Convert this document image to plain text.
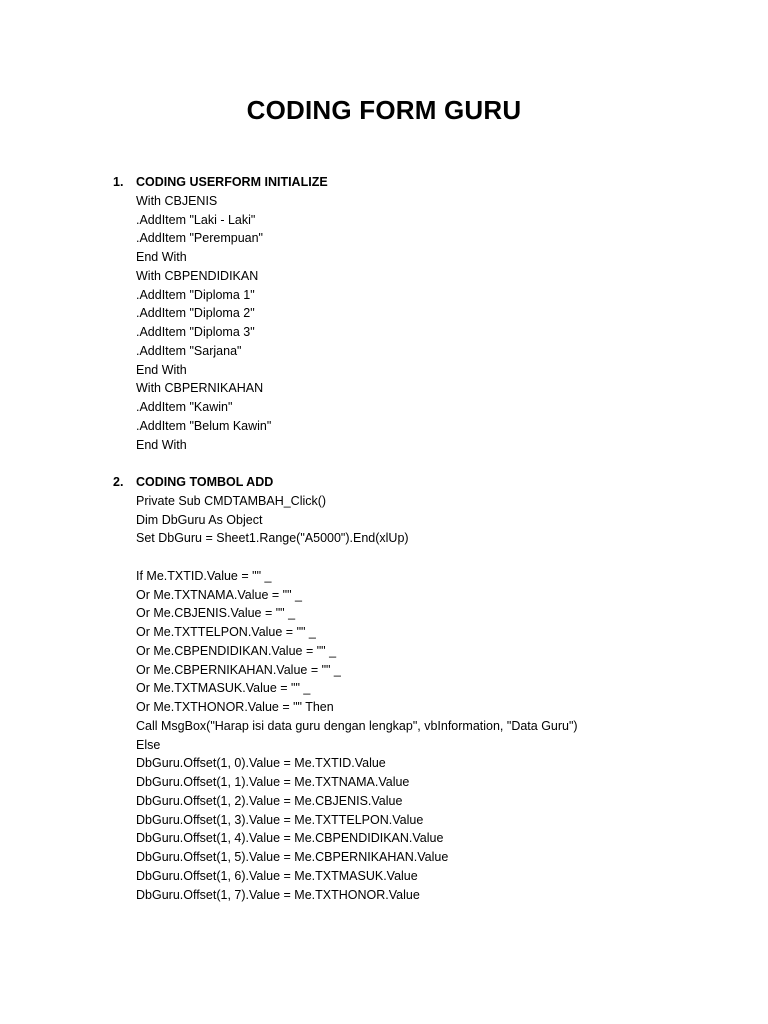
CODING FORM GURU
1. CODING USERFORM INITIALIZE
With CBJENIS
.AddItem "Laki - Laki"
.AddItem "Perempuan"
End With
With CBPENDIDIKAN
.AddItem "Diploma 1"
.AddItem "Diploma 2"
.AddItem "Diploma 3"
.AddItem "Sarjana"
End With
With CBPERNIKAHAN
.AddItem "Kawin"
.AddItem "Belum Kawin"
End With
2. CODING TOMBOL ADD
Private Sub CMDTAMBAH_Click()
Dim DbGuru As Object
Set DbGuru = Sheet1.Range("A5000").End(xlUp)
If Me.TXTID.Value = "" _
Or Me.TXTNAMA.Value = "" _
Or Me.CBJENIS.Value = "" _
Or Me.TXTTELPON.Value = "" _
Or Me.CBPENDIDIKAN.Value = "" _
Or Me.CBPERNIKAHAN.Value = "" _
Or Me.TXTMASUK.Value = "" _
Or Me.TXTHONOR.Value = "" Then
Call MsgBox("Harap isi data guru dengan lengkap", vbInformation, "Data Guru")
Else
DbGuru.Offset(1, 0).Value = Me.TXTID.Value
DbGuru.Offset(1, 1).Value = Me.TXTNAMA.Value
DbGuru.Offset(1, 2).Value = Me.CBJENIS.Value
DbGuru.Offset(1, 3).Value = Me.TXTTELPON.Value
DbGuru.Offset(1, 4).Value = Me.CBPENDIDIKAN.Value
DbGuru.Offset(1, 5).Value = Me.CBPERNIKAHAN.Value
DbGuru.Offset(1, 6).Value = Me.TXTMASUK.Value
DbGuru.Offset(1, 7).Value = Me.TXTHONOR.Value
